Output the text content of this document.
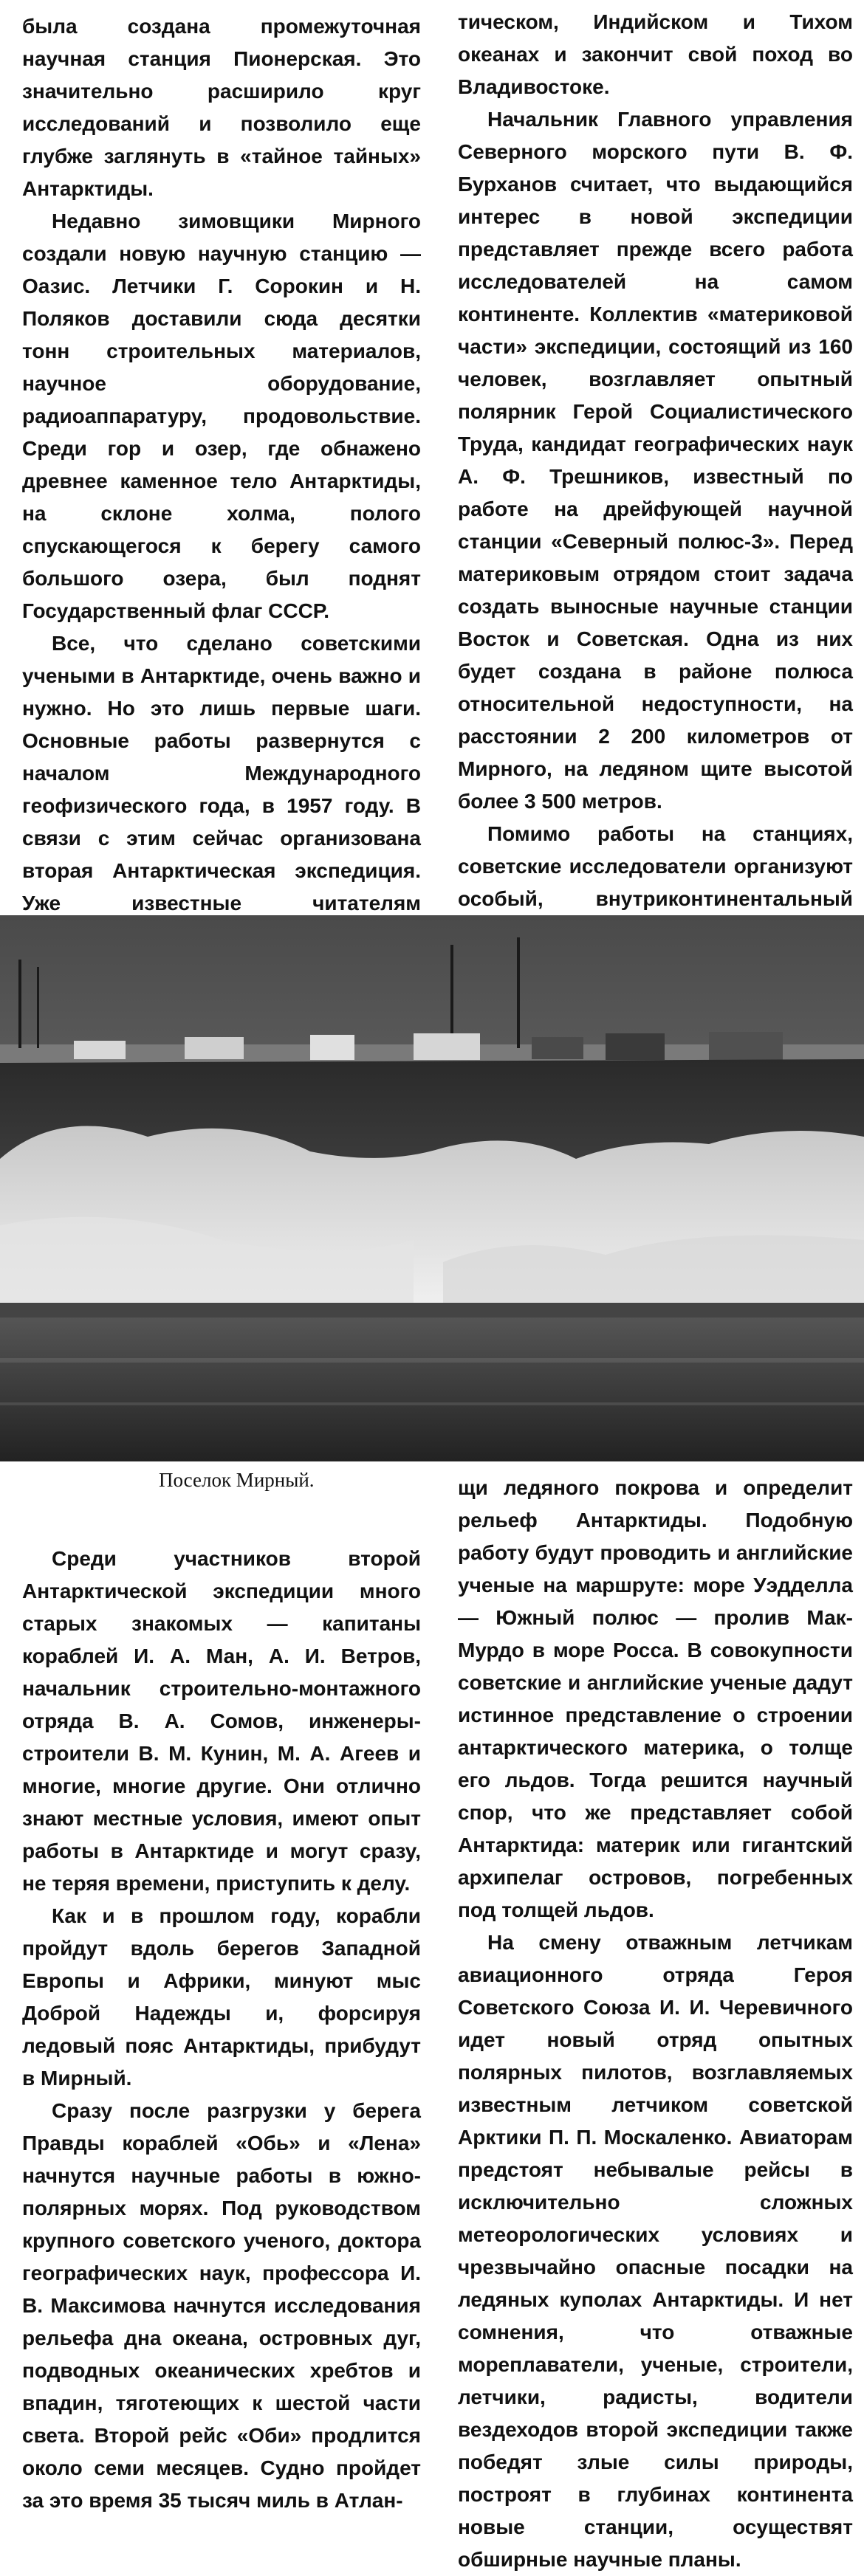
была создана промежуточная научная станция Пионерская. Это значительно расширило круг исследований и позволило еще глубже заглянуть в «тайное тайных» Антарктиды.

Недавно зимовщики Мирного создали новую научную станцию — Оазис. Летчики Г. Сорокин и Н. Поляков доставили сюда десятки тонн строительных материалов, научное оборудование, радиоаппаратуру, продовольствие. Среди гор и озер, где обнажено древнее каменное тело Антарктиды, на склоне холма, полого спускающегося к берегу самого большого озера, был поднят Государственный флаг СССР.

Все, что сделано советскими учеными в Антарктиде, очень важно и нужно. Но это лишь первые шаги. Основные работы развернутся с началом Международного геофизического года, в 1957 году. В связи с этим сейчас организована вторая Антарктическая экспедиция. Уже известные читателям

тическом, Индийском и Тихом океанах и закончит свой поход во Владивостоке.

Начальник Главного управления Северного морского пути В. Ф. Бурханов считает, что выдающийся интерес в новой экспедиции представляет прежде всего работа исследователей на самом континенте. Коллектив «материковой части» экспедиции, состоящий из 160 человек, возглавляет опытный полярник Герой Социалистического Труда, кандидат географических наук А. Ф. Трешников, известный по работе на дрейфующей научной станции «Северный полюс-3». Перед материковым отрядом стоит задача создать выносные научные станции Восток и Советская. Одна из них будет создана в районе полюса относительной недоступности, на расстоянии 2 200 километров от Мирного, на ледяном щите высотой более 3 500 метров.

Помимо работы на станциях, советские исследователи организуют особый, внутриконтинентальный

Поселок Мирный.

Среди участников второй Антарктической экспедиции много старых знакомых — капитаны кораблей И. А. Ман, А. И. Ветров, начальник строительно-монтажного отряда В. А. Сомов, инженеры-строители В. М. Кунин, М. А. Агеев и многие, многие другие. Они отлично знают местные условия, имеют опыт работы в Антарктиде и могут сразу, не теряя времени, приступить к делу.

Как и в прошлом году, корабли пройдут вдоль берегов Западной Европы и Африки, минуют мыс Доброй Надежды и, форсируя ледовый пояс Антарктиды, прибудут в Мирный.

Сразу после разгрузки у берега Правды кораблей «Обь» и «Лена» начнутся научные работы в южно-полярных морях. Под руководством крупного советского ученого, доктора географических наук, профессора И. В. Максимова начнутся исследования рельефа дна океана, островных дуг, подводных океанических хребтов и впадин, тяготеющих к шестой части света. Второй рейс «Оби» продлится около семи месяцев. Судно пройдет за это время 35 тысяч миль в Атлан-

щи ледяного покрова и определит рельеф Антарктиды. Подобную работу будут проводить и английские ученые на маршруте: море Уэдделла — Южный полюс — пролив Мак-Мурдо в море Росса. В совокупности советские и английские ученые дадут истинное представление о строении антарктического материка, о толще его льдов. Тогда решится научный спор, что же представляет собой Антарктида: материк или гигантский архипелаг островов, погребенных под толщей льдов.

На смену отважным летчикам авиационного отряда Героя Советского Союза И. И. Черевичного идет новый отряд опытных полярных пилотов, возглавляемых известным летчиком советской Арктики П. П. Москаленко. Авиаторам предстоят небывалые рейсы в исключительно сложных метеорологических условиях и чрезвычайно опасные посадки на ледяных куполах Антарктиды. И нет сомнения, что отважные мореплаватели, ученые, строители, летчики, радисты, водители вездеходов второй экспедиции также победят злые силы природы, построят в глубинах континента новые станции, осуществят обширные научные планы.
